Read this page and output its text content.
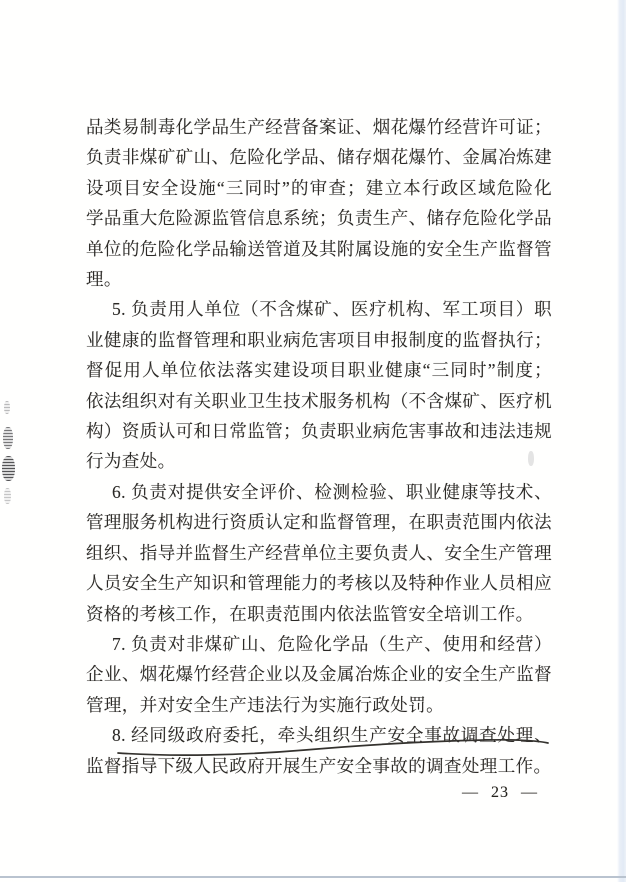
品类易制毒化学品生产经营备案证、烟花爆竹经营许可证；
负责非煤矿矿山、危险化学品、储存烟花爆竹、金属冶炼建
设项目安全设施“三同时”的审查；建立本行政区域危险化
学品重大危险源监管信息系统；负责生产、储存危险化学品
单位的危险化学品输送管道及其附属设施的安全生产监督管
理。
5. 负责用人单位（不含煤矿、医疗机构、军工项目）职
业健康的监督管理和职业病危害项目申报制度的监督执行；
督促用人单位依法落实建设项目职业健康“三同时”制度；
依法组织对有关职业卫生技术服务机构（不含煤矿、医疗机
构）资质认可和日常监管；负责职业病危害事故和违法违规
行为查处。
6. 负责对提供安全评价、检测检验、职业健康等技术、
管理服务机构进行资质认定和监督管理，在职责范围内依法
组织、指导并监督生产经营单位主要负责人、安全生产管理
人员安全生产知识和管理能力的考核以及特种作业人员相应
资格的考核工作，在职责范围内依法监管安全培训工作。
7. 负责对非煤矿山、危险化学品（生产、使用和经营）
企业、烟花爆竹经营企业以及金属冶炼企业的安全生产监督
管理，并对安全生产违法行为实施行政处罚。
8. 经同级政府委托，牵头组织生产安全事故调查处理、
监督指导下级人民政府开展生产安全事故的调查处理工作。
— 23 —
